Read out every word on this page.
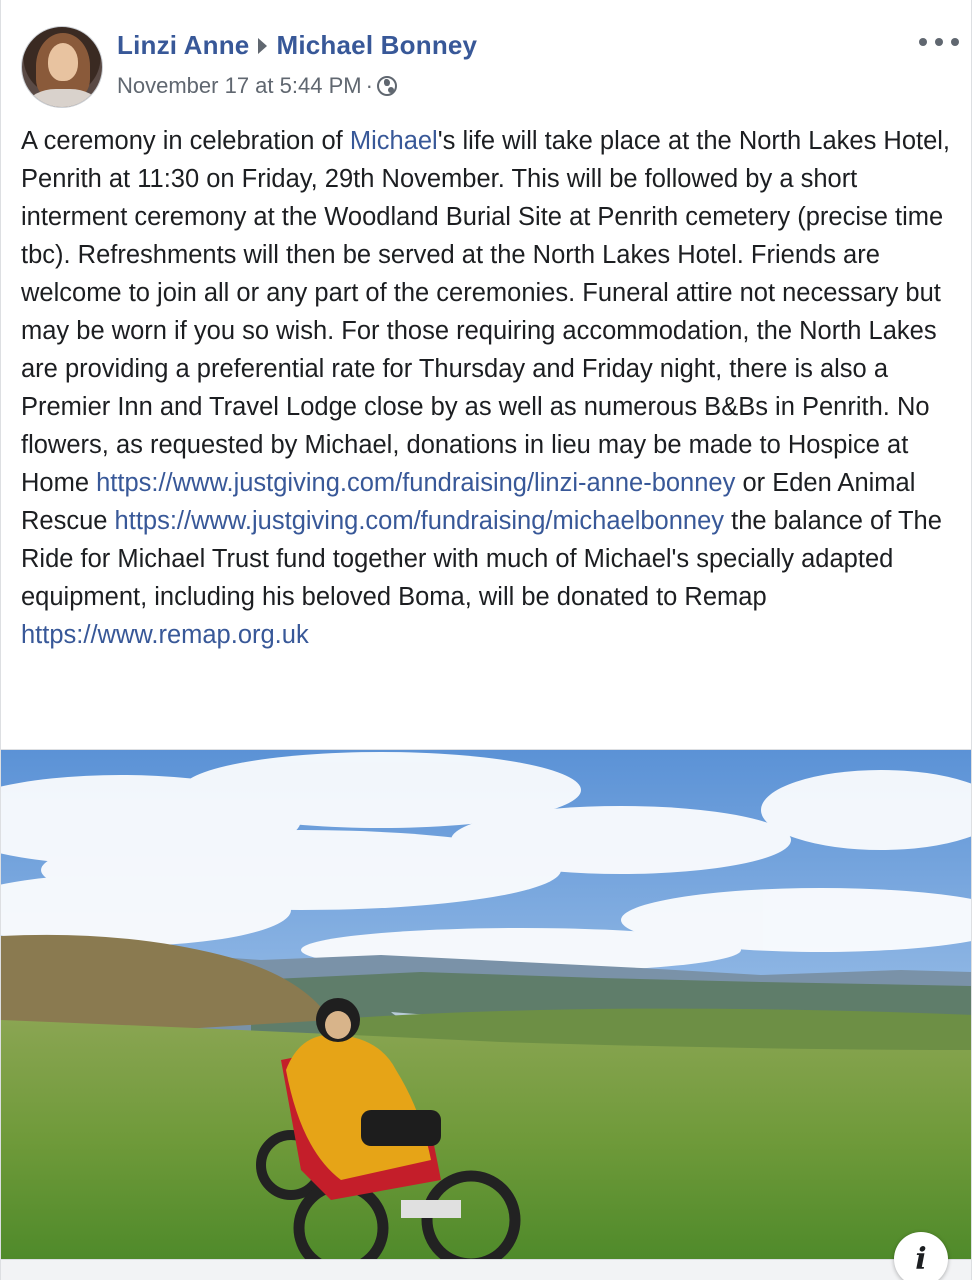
Linzi Anne Michael Bonney
November 17 at 5:44 PM ·
A ceremony in celebration of Michael's life will take place at the North Lakes Hotel, Penrith at 11:30 on Friday, 29th November. This will be followed by a short interment ceremony at the Woodland Burial Site at Penrith cemetery (precise time tbc). Refreshments will then be served at the North Lakes Hotel. Friends are welcome to join all or any part of the ceremonies. Funeral attire not necessary but may be worn if you so wish. For those requiring accommodation, the North Lakes are providing a preferential rate for Thursday and Friday night, there is also a Premier Inn and Travel Lodge close by as well as numerous B&Bs in Penrith. No flowers, as requested by Michael, donations in lieu may be made to Hospice at Home https://www.justgiving.com/fundraising/linzi-anne-bonney or Eden Animal Rescue https://www.justgiving.com/fundraising/michaelbonney the balance of The Ride for Michael Trust fund together with much of Michael's specially adapted equipment, including his beloved Boma, will be donated to Remap https://www.remap.org.uk
i
